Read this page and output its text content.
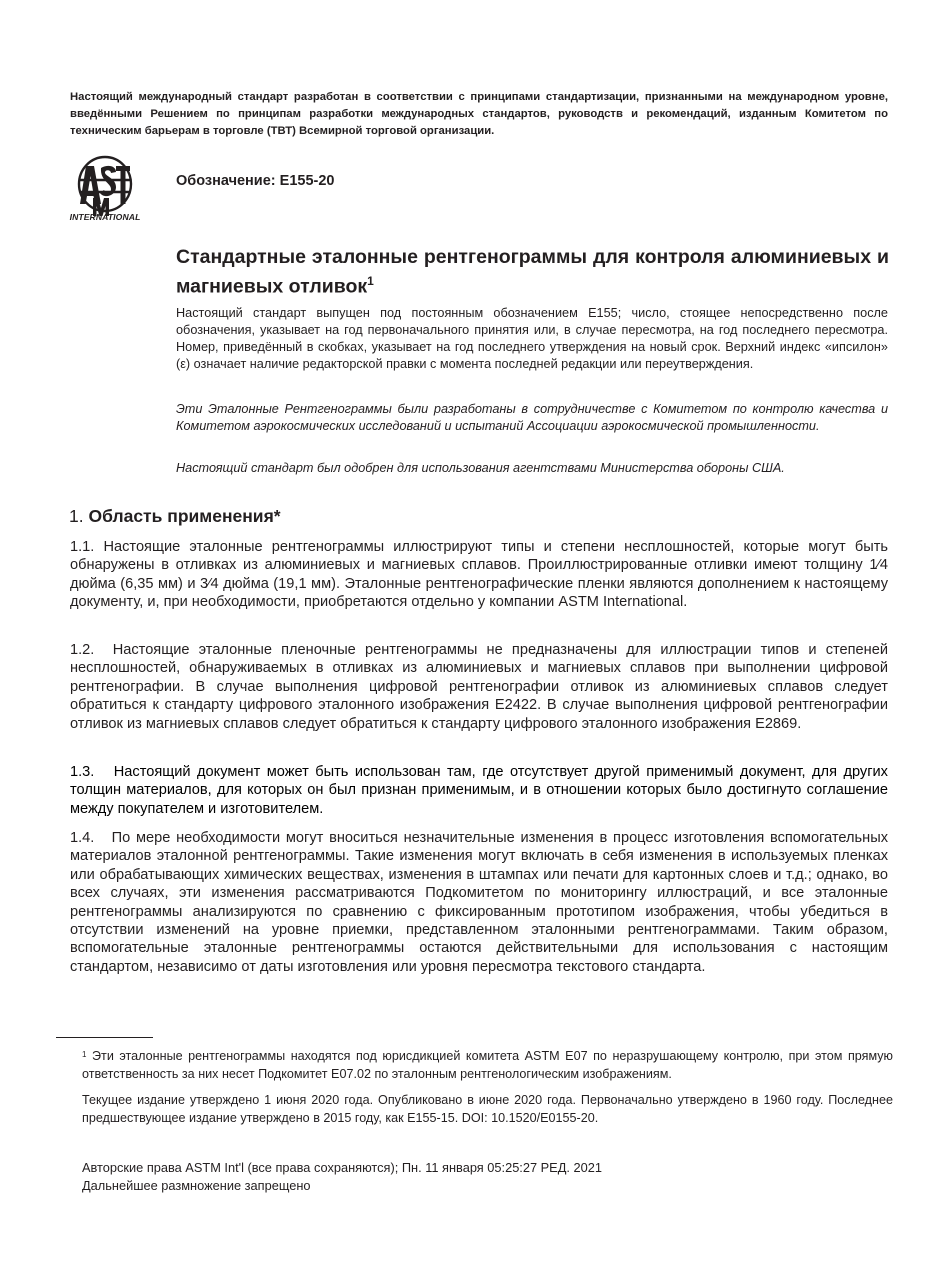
Настоящий международный стандарт разработан в соответствии с принципами стандартизации, признанными на международном уровне, введёнными Решением по принципам разработки международных стандартов, руководств и рекомендаций, изданным Комитетом по техническим барьерам в торговле (ТВТ) Всемирной торговой организации.
INTERNATIONAL
Обозначение: E155-20
Стандартные эталонные рентгенограммы для контроля алюминиевых и магниевых отливок$^1$
Настоящий стандарт выпущен под постоянным обозначением E155; число, стоящее непосредственно после обозначения, указывает на год первоначального принятия или, в случае пересмотра, на год последнего пересмотра. Номер, приведённый в скобках, указывает на год последнего утверждения на новый срок. Верхний индекс «ипсилон» (ε) означает наличие редакторской правки с момента последней редакции или переутверждения.
Эти Эталонные Рентгенограммы были разработаны в сотрудничестве с Комитетом по контролю качества и Комитетом аэрокосмических исследований и испытаний Ассоциации аэрокосмической промышленности.
Настоящий стандарт был одобрен для использования агентствами Министерства обороны США.
1. Область применения*
1.1. Настоящие эталонные рентгенограммы иллюстрируют типы и степени несплошностей, которые могут быть обнаружены в отливках из алюминиевых и магниевых сплавов. Проиллюстрированные отливки имеют толщину 1⁄4 дюйма (6,35 мм) и 3⁄4 дюйма (19,1 мм). Эталонные рентгенографические пленки являются дополнением к настоящему документу, и, при необходимости, приобретаются отдельно у компании ASTM International.
1.2. Настоящие эталонные пленочные рентгенограммы не предназначены для иллюстрации типов и степеней несплошностей, обнаруживаемых в отливках из алюминиевых и магниевых сплавов при выполнении цифровой рентгенографии. В случае выполнения цифровой рентгенографии отливок из алюминиевых сплавов следует обратиться к стандарту цифрового эталонного изображения E2422. В случае выполнения цифровой рентгенографии отливок из магниевых сплавов следует обратиться к стандарту цифрового эталонного изображения E2869.
1.3. Настоящий документ может быть использован там, где отсутствует другой применимый документ, для других толщин материалов, для которых он был признан применимым, и в отношении которых было достигнуто соглашение между покупателем и изготовителем.
1.4. По мере необходимости могут вноситься незначительные изменения в процесс изготовления вспомогательных материалов эталонной рентгенограммы. Такие изменения могут включать в себя изменения в используемых пленках или обрабатывающих химических веществах, изменения в штампах или печати для картонных слоев и т.д.; однако, во всех случаях, эти изменения рассматриваются Подкомитетом по мониторингу иллюстраций, и все эталонные рентгенограммы анализируются по сравнению с фиксированным прототипом изображения, чтобы убедиться в отсутствии изменений на уровне приемки, представленном эталонными рентгенограммами. Таким образом, вспомогательные эталонные рентгенограммы остаются действительными для использования с настоящим стандартом, независимо от даты изготовления или уровня пересмотра текстового стандарта.
$^1$ Эти эталонные рентгенограммы находятся под юрисдикцией комитета ASTM E07 по неразрушающему контролю, при этом прямую ответственность за них несет Подкомитет E07.02 по эталонным рентгенологическим изображениям.
Текущее издание утверждено 1 июня 2020 года. Опубликовано в июне 2020 года. Первоначально утверждено в 1960 году. Последнее предшествующее издание утверждено в 2015 году, как E155-15. DOI: 10.1520/E0155-20.
Авторские права ASTM Int'l (все права сохраняются); Пн. 11 января 05:25:27 РЕД. 2021
Дальнейшее размножение запрещено
